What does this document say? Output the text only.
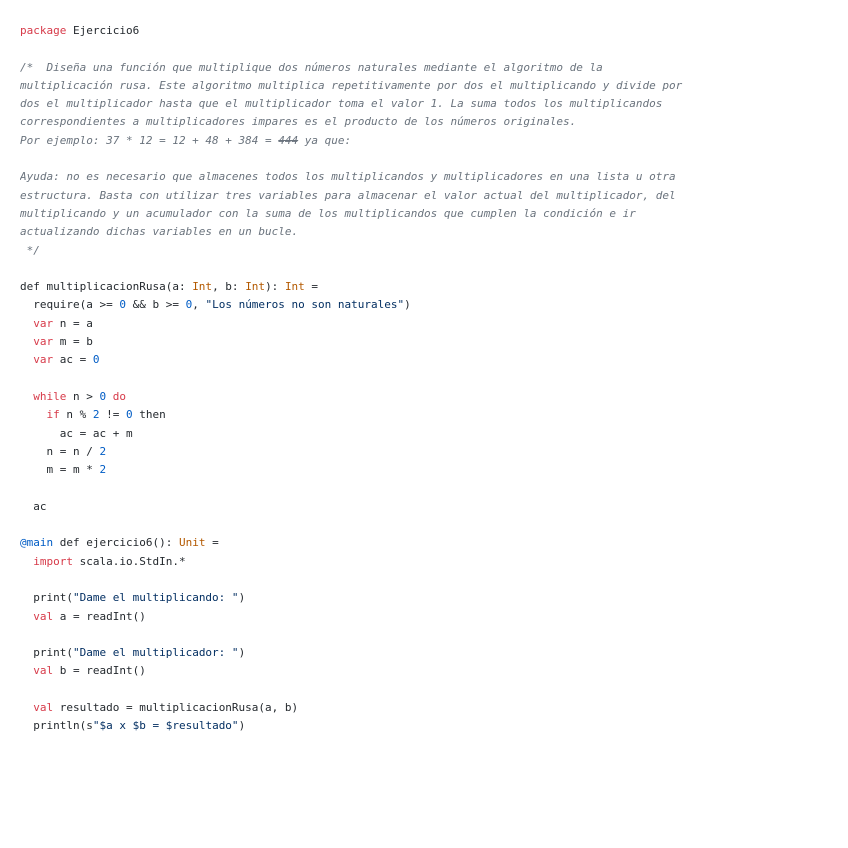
package Ejercicio6

/*  Diseña una función que multiplique dos números naturales mediante el algoritmo de la
multiplicación rusa. Este algoritmo multiplica repetitivamente por dos el multiplicando y divide por
dos el multiplicador hasta que el multiplicador toma el valor 1. La suma todos los multiplicandos
correspondientes a multiplicadores impares es el producto de los números originales.
Por ejemplo: 37 * 12 = 12 + 48 + 384 = 444 ya que:

Ayuda: no es necesario que almacenes todos los multiplicandos y multiplicadores en una lista u otra
estructura. Basta con utilizar tres variables para almacenar el valor actual del multiplicador, del
multiplicando y un acumulador con la suma de los multiplicandos que cumplen la condición e ir
actualizando dichas variables en un bucle.
*/

def multiplicacionRusa(a: Int, b: Int): Int =
require(a >= 0 && b >= 0, "Los números no son naturales")
var n = a
var m = b
var ac = 0

while n > 0 do
if n % 2 != 0 then
ac = ac + m
n = n / 2
m = m * 2

ac

@main def ejercicio6(): Unit =
import scala.io.StdIn.*

print("Dame el multiplicando: ")
val a = readInt()

print("Dame el multiplicador: ")
val b = readInt()

val resultado = multiplicacionRusa(a, b)
println(s"$a x $b = $resultado")
